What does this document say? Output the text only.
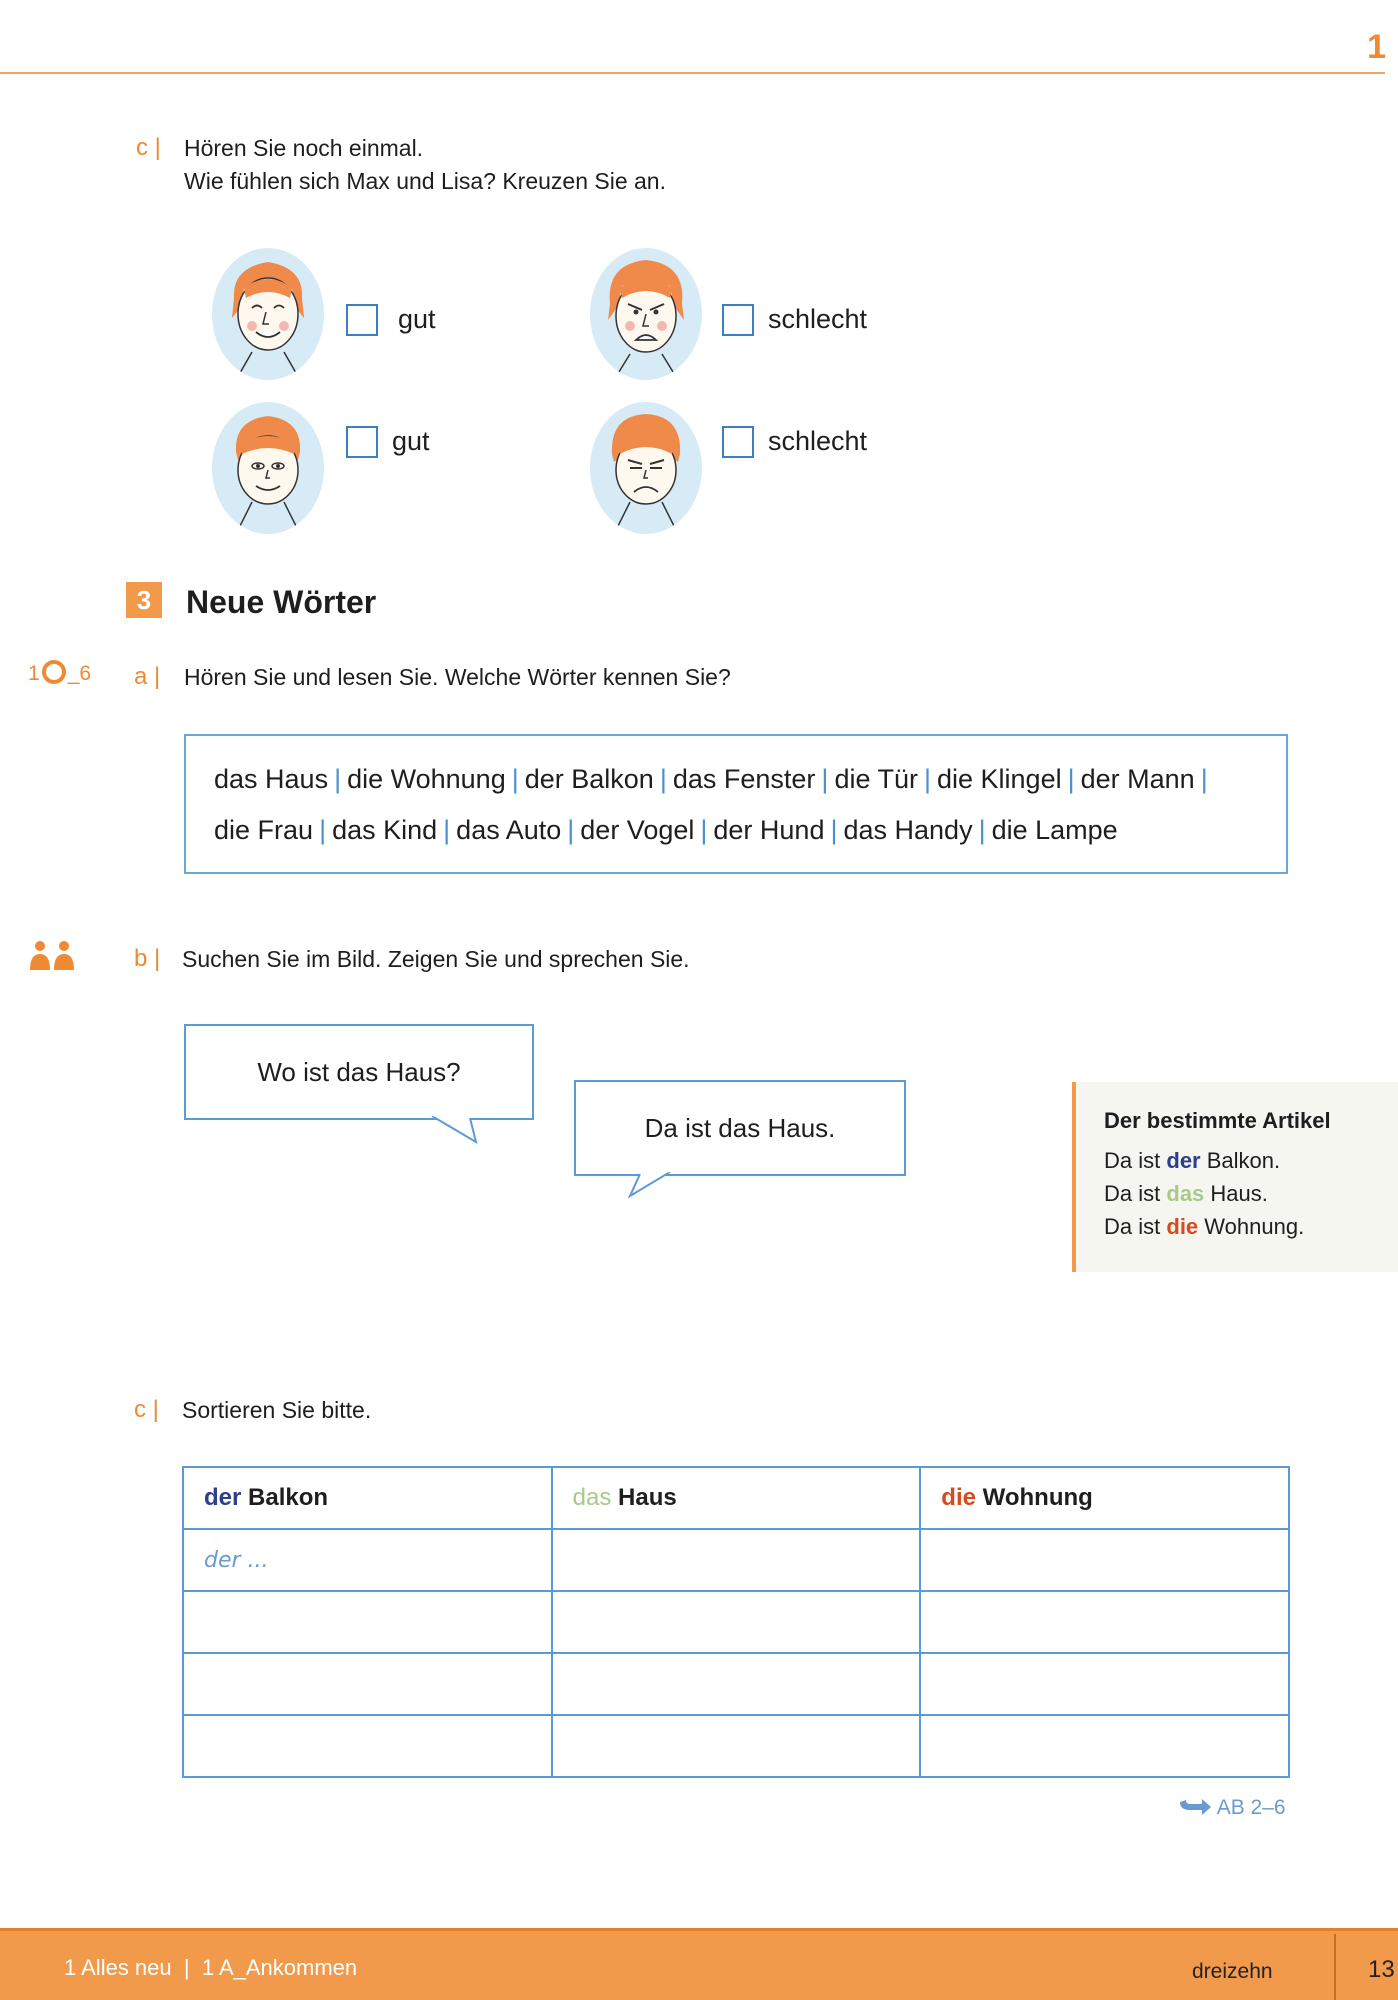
1
c | Hören Sie noch einmal.
Wie fühlen sich Max und Lisa? Kreuzen Sie an.
gut	schlecht
gut	schlecht
3	Neue Wörter
1 _6 a | Hören Sie und lesen Sie. Welche Wörter kennen Sie?
das Haus | die Wohnung | der Balkon | das Fenster | die Tür | die Klingel | der Mann |
die Frau | das Kind | das Auto | der Vogel | der Hund | das Handy | die Lampe
b | Suchen Sie im Bild. Zeigen Sie und sprechen Sie.
Wo ist das Haus?
Da ist das Haus.	Der bestimmte Artikel
Da ist der Balkon.
Da ist das Haus.
Da ist die Wohnung.
c | Sortieren Sie bitte.
der Balkon	das Haus	die Wohnung
der ...		

AB 2–6
1 Alles neu  |  1 A_Ankommen	dreizehn	13
